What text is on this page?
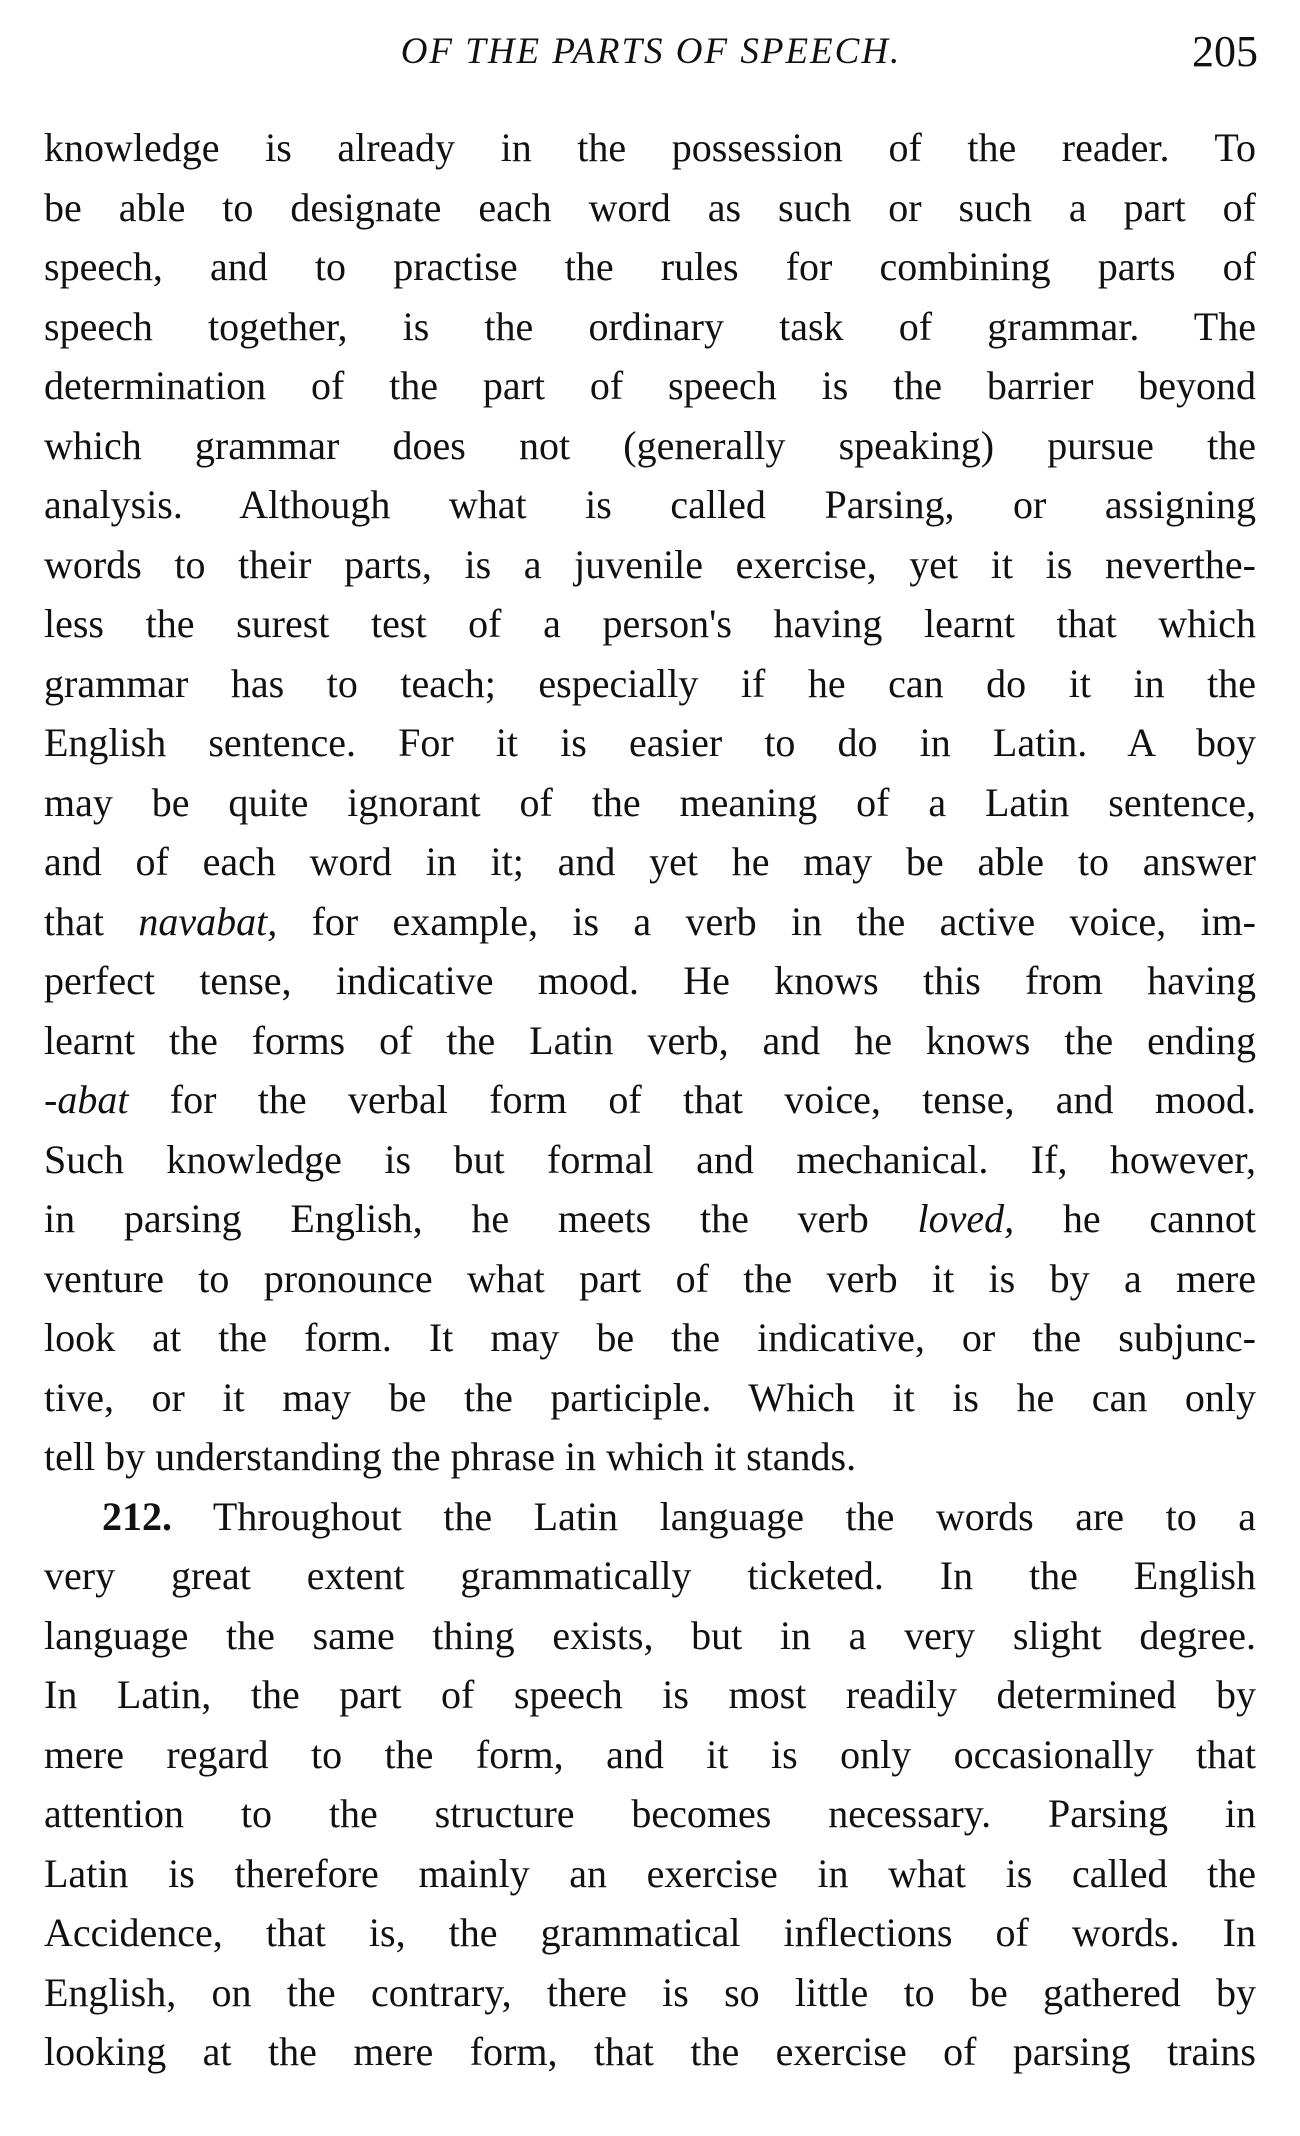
OF THE PARTS OF SPEECH.	205
knowledge is already in the possession of the reader. To
be able to designate each word as such or such a part of
speech, and to practise the rules for combining parts of
speech together, is the ordinary task of grammar. The
determination of the part of speech is the barrier beyond
which grammar does not (generally speaking) pursue the
analysis. Although what is called Parsing, or assigning
words to their parts, is a juvenile exercise, yet it is neverthe-
less the surest test of a person's having learnt that which
grammar has to teach; especially if he can do it in the
English sentence. For it is easier to do in Latin. A boy
may be quite ignorant of the meaning of a Latin sentence,
and of each word in it; and yet he may be able to answer
that navabat, for example, is a verb in the active voice, im-
perfect tense, indicative mood. He knows this from having
learnt the forms of the Latin verb, and he knows the ending
-abat for the verbal form of that voice, tense, and mood.
Such knowledge is but formal and mechanical. If, however,
in parsing English, he meets the verb loved, he cannot
venture to pronounce what part of the verb it is by a mere
look at the form. It may be the indicative, or the subjunc-
tive, or it may be the participle. Which it is he can only
tell by understanding the phrase in which it stands.
212. Throughout the Latin language the words are to a
very great extent grammatically ticketed. In the English
language the same thing exists, but in a very slight degree.
In Latin, the part of speech is most readily determined by
mere regard to the form, and it is only occasionally that
attention to the structure becomes necessary. Parsing in
Latin is therefore mainly an exercise in what is called the
Accidence, that is, the grammatical inflections of words. In
English, on the contrary, there is so little to be gathered by
looking at the mere form, that the exercise of parsing trains
